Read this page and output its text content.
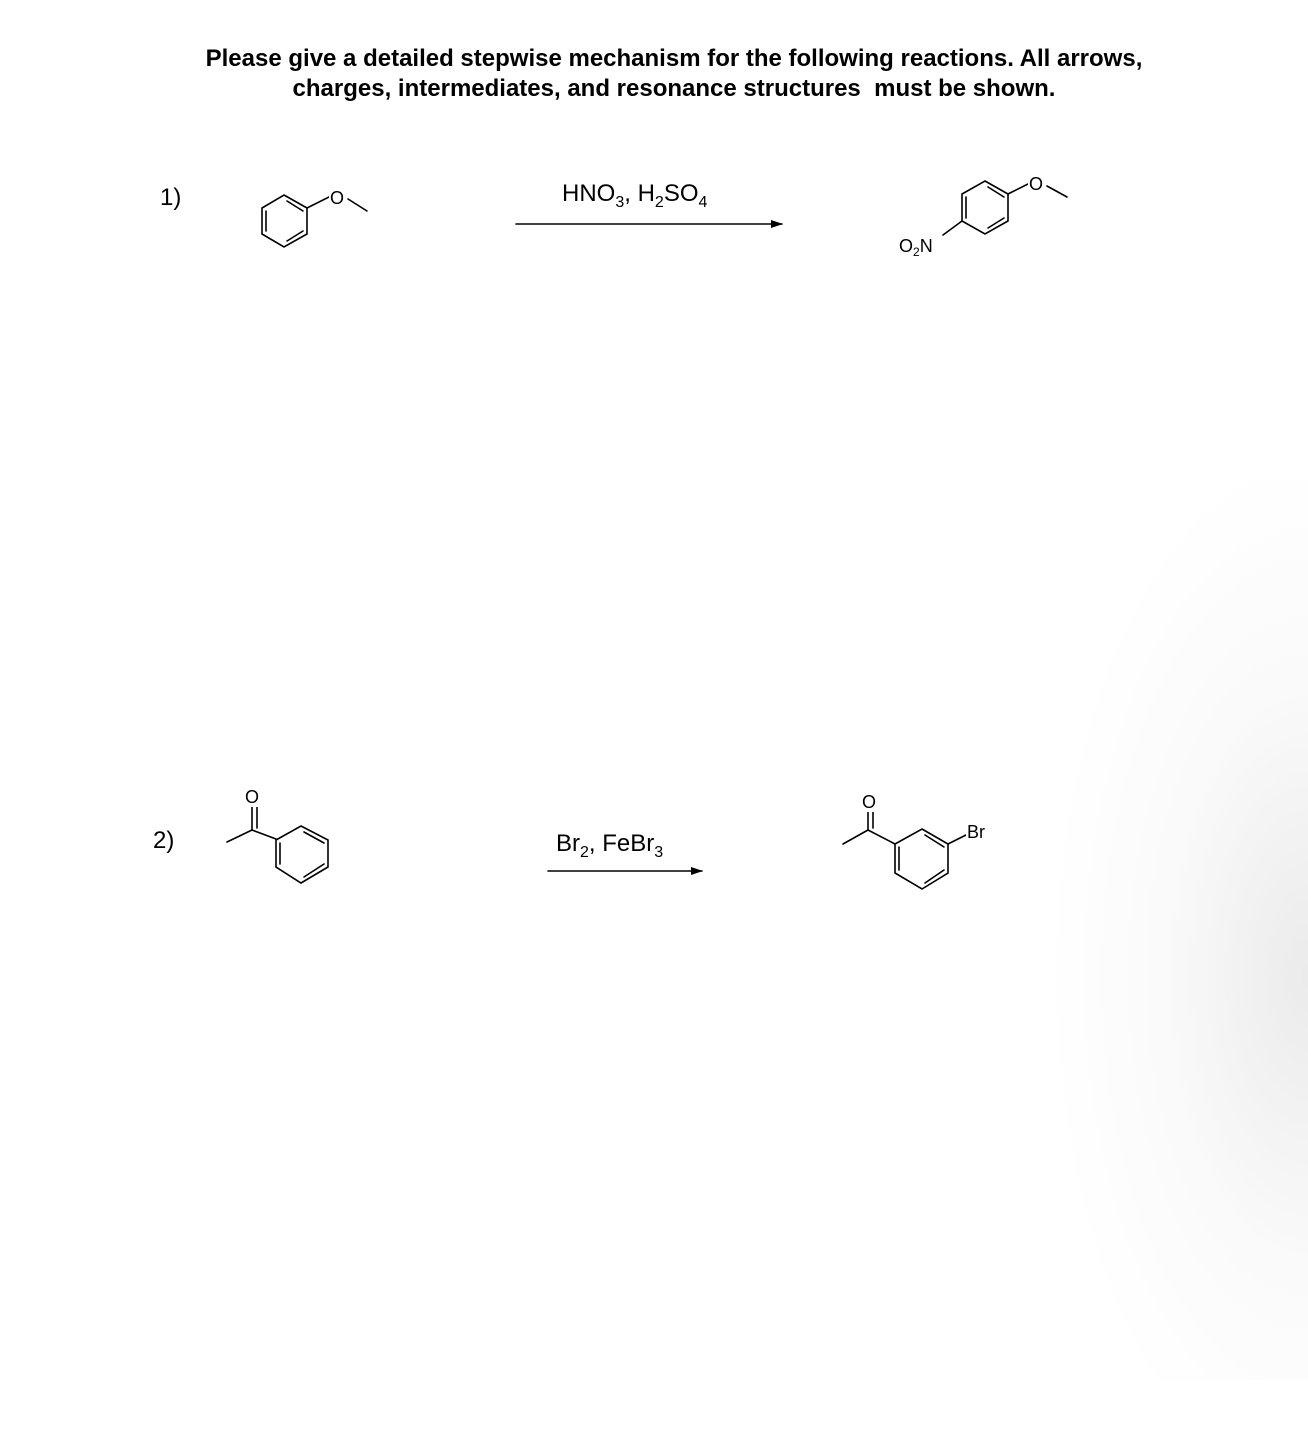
Please give a detailed stepwise mechanism for the following reactions. All arrows,
charges, intermediates, and resonance structures  must be shown.
1)	$HNO_3$, $H_2SO_4$
2)	$Br_2$, FeBr$_3$
O
O
$O_2N$
O	O
Br
